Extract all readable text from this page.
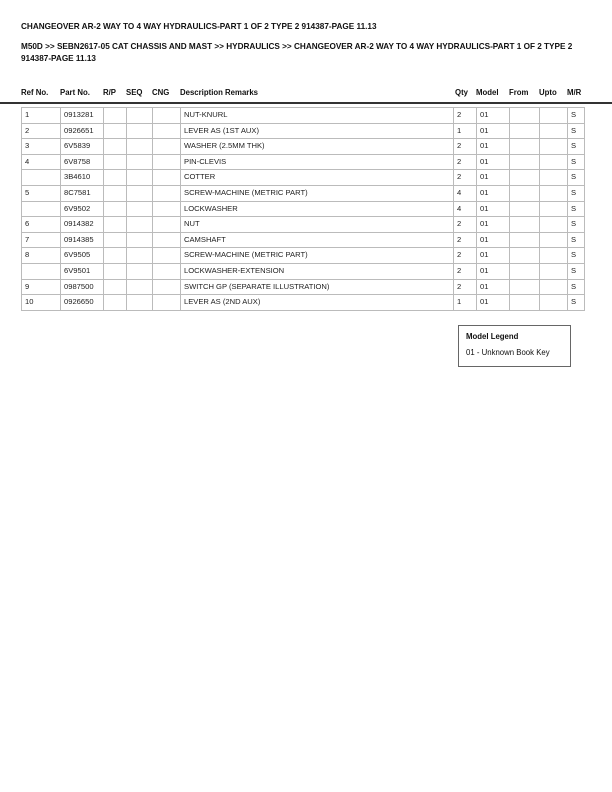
CHANGEOVER AR-2 WAY TO 4 WAY HYDRAULICS-PART 1 OF 2 TYPE 2 914387-PAGE 11.13
M50D >> SEBN2617-05 CAT CHASSIS AND MAST >> HYDRAULICS >> CHANGEOVER AR-2 WAY TO 4 WAY HYDRAULICS-PART 1 OF 2 TYPE 2 914387-PAGE 11.13
Ref No. Part No. R/P SEQ CNG Description Remarks	Qty Model From Upto M/R
1	0913281				NUT-KNURL	2	01			S
2	0926651				LEVER AS (1ST AUX)	1	01			S
3	6V5839				WASHER (2.5MM THK)	2	01			S
4	6V8758				PIN-CLEVIS	2	01			S
	3B4610				COTTER	2	01			S
5	8C7581				SCREW-MACHINE (METRIC PART)	4	01			S
	6V9502				LOCKWASHER	4	01			S
6	0914382				NUT	2	01			S
7	0914385				CAMSHAFT	2	01			S
8	6V9505				SCREW-MACHINE (METRIC PART)	2	01			S
	6V9501				LOCKWASHER-EXTENSION	2	01			S
9	0987500				SWITCH GP (SEPARATE ILLUSTRATION)	2	01			S
10	0926650				LEVER AS (2ND AUX)	1	01			S
Model Legend
01 - Unknown Book Key
